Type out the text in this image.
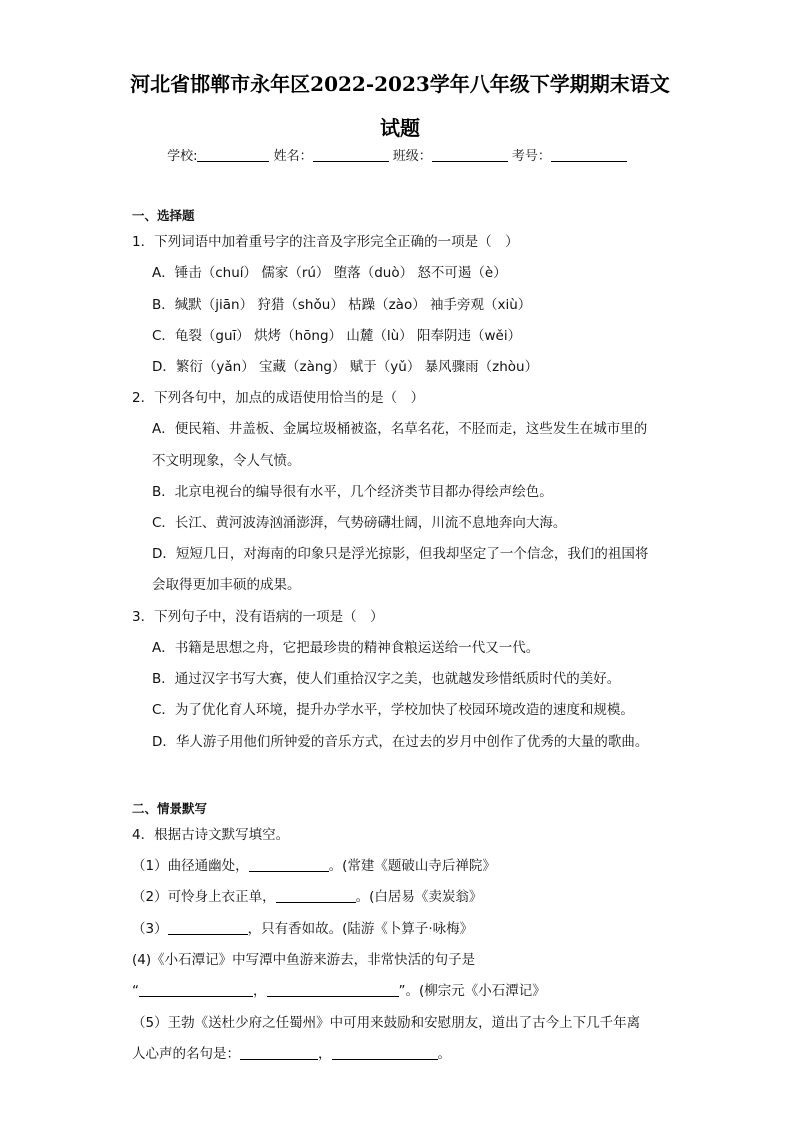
河北省邯郸市永年区2022-2023学年八年级下学期期末语文
试题
学校:	姓名：	班级：	考号：
一、选择题
1．下列词语中加着重号字的注音及字形完全正确的一项是（　）
A．锤击（chuí） 儒家（rú） 堕落（duò） 怒不可遏（è）
B．缄默（jiān） 狩猎（shǒu） 枯躁（zào） 袖手旁观（xiù）
C．龟裂（guī） 烘烤（hōng） 山麓（lù） 阳奉阴违（wěi）
D．繁衍（yǎn） 宝藏（zàng） 赋于（yǔ） 暴风骤雨（zhòu）
2．下列各句中，加点的成语使用恰当的是（　）
A．便民箱、井盖板、金属垃圾桶被盗，名草名花，不胫而走，这些发生在城市里的
不文明现象，令人气愤。
B．北京电视台的编导很有水平，几个经济类节目都办得绘声绘色。
C．长江、黄河波涛汹涌澎湃，气势磅礴壮阔，川流不息地奔向大海。
D．短短几日，对海南的印象只是浮光掠影，但我却坚定了一个信念，我们的祖国将
会取得更加丰硕的成果。
3．下列句子中，没有语病的一项是（　）
A．书籍是思想之舟，它把最珍贵的精神食粮运送给一代又一代。
B．通过汉字书写大赛，使人们重拾汉字之美，也就越发珍惜纸质时代的美好。
C．为了优化育人环境，提升办学水平，学校加快了校园环境改造的速度和规模。
D．华人游子用他们所钟爱的音乐方式，在过去的岁月中创作了优秀的大量的歌曲。
二、情景默写
4．根据古诗文默写填空。
（1）曲径通幽处，	。(常建《题破山寺后禅院》
（2）可怜身上衣正单，	。(白居易《卖炭翁》
（3）	，只有香如故。(陆游《卜算子·咏梅》
(4)《小石潭记》中写潭中鱼游来游去，非常快活的句子是
“	，	”。(柳宗元《小石潭记》
（5）王勃《送杜少府之任蜀州》中可用来鼓励和安慰朋友，道出了古今上下几千年离
人心声的名句是：	，	。
